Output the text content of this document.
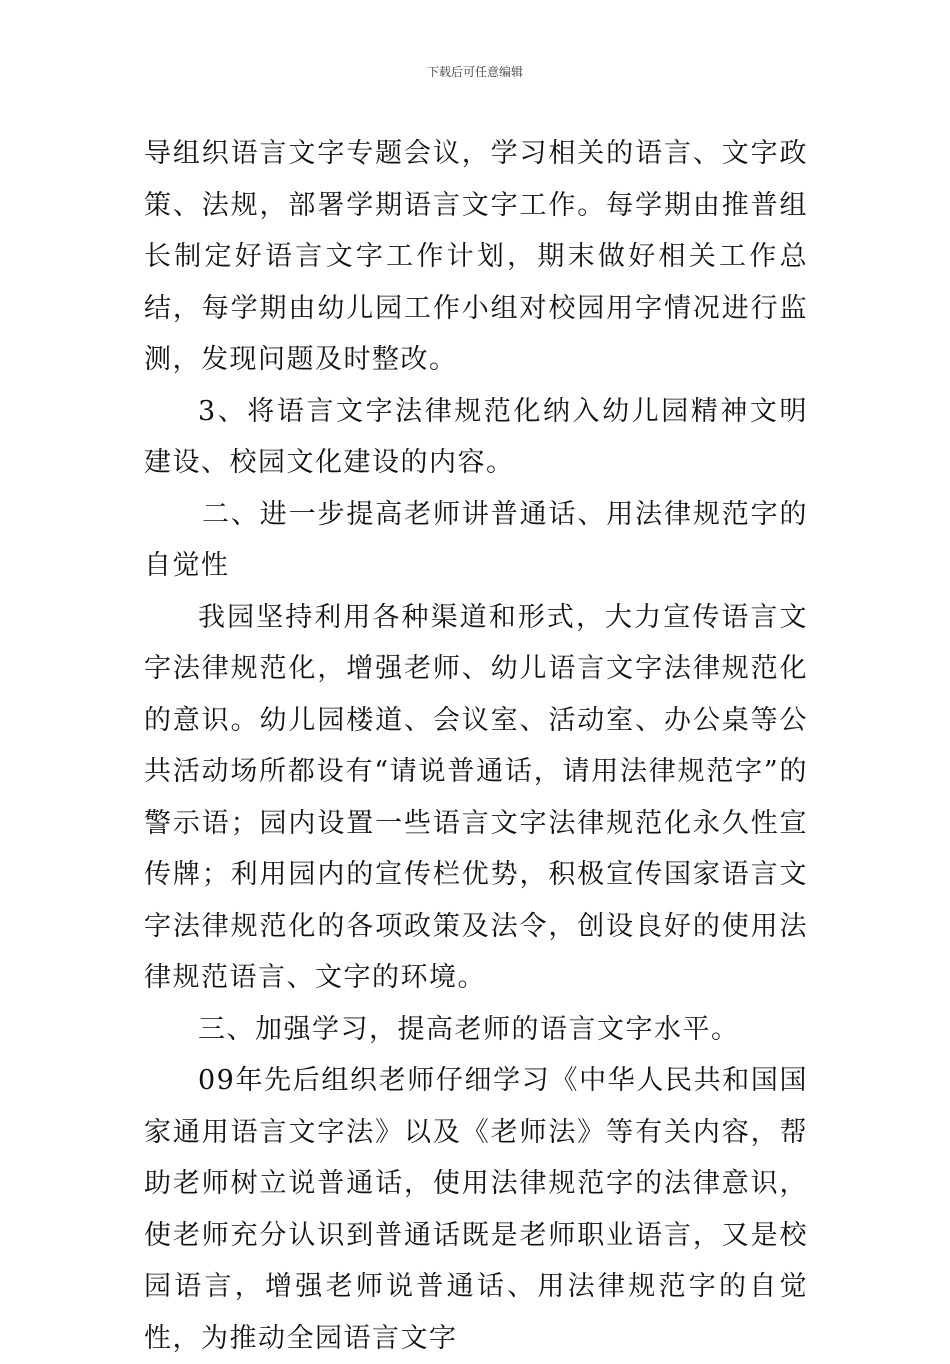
下载后可任意编辑

导组织语言文字专题会议，学习相关的语言、文字政策、法规，部署学期语言文字工作。每学期由推普组长制定好语言文字工作计划，期末做好相关工作总结，每学期由幼儿园工作小组对校园用字情况进行监测，发现问题及时整改。

3、将语言文字法律规范化纳入幼儿园精神文明建设、校园文化建设的内容。

二、进一步提高老师讲普通话、用法律规范字的自觉性

我园坚持利用各种渠道和形式，大力宣传语言文字法律规范化，增强老师、幼儿语言文字法律规范化的意识。幼儿园楼道、会议室、活动室、办公桌等公共活动场所都设有“请说普通话，请用法律规范字”的警示语；园内设置一些语言文字法律规范化永久性宣传牌；利用园内的宣传栏优势，积极宣传国家语言文字法律规范化的各项政策及法令，创设良好的使用法律规范语言、文字的环境。

三、加强学习，提高老师的语言文字水平。

09年先后组织老师仔细学习《中华人民共和国国家通用语言文字法》以及《老师法》等有关内容，帮助老师树立说普通话，使用法律规范字的法律意识，使老师充分认识到普通话既是老师职业语言，又是校园语言，增强老师说普通话、用法律规范字的自觉性，为推动全园语言文字
